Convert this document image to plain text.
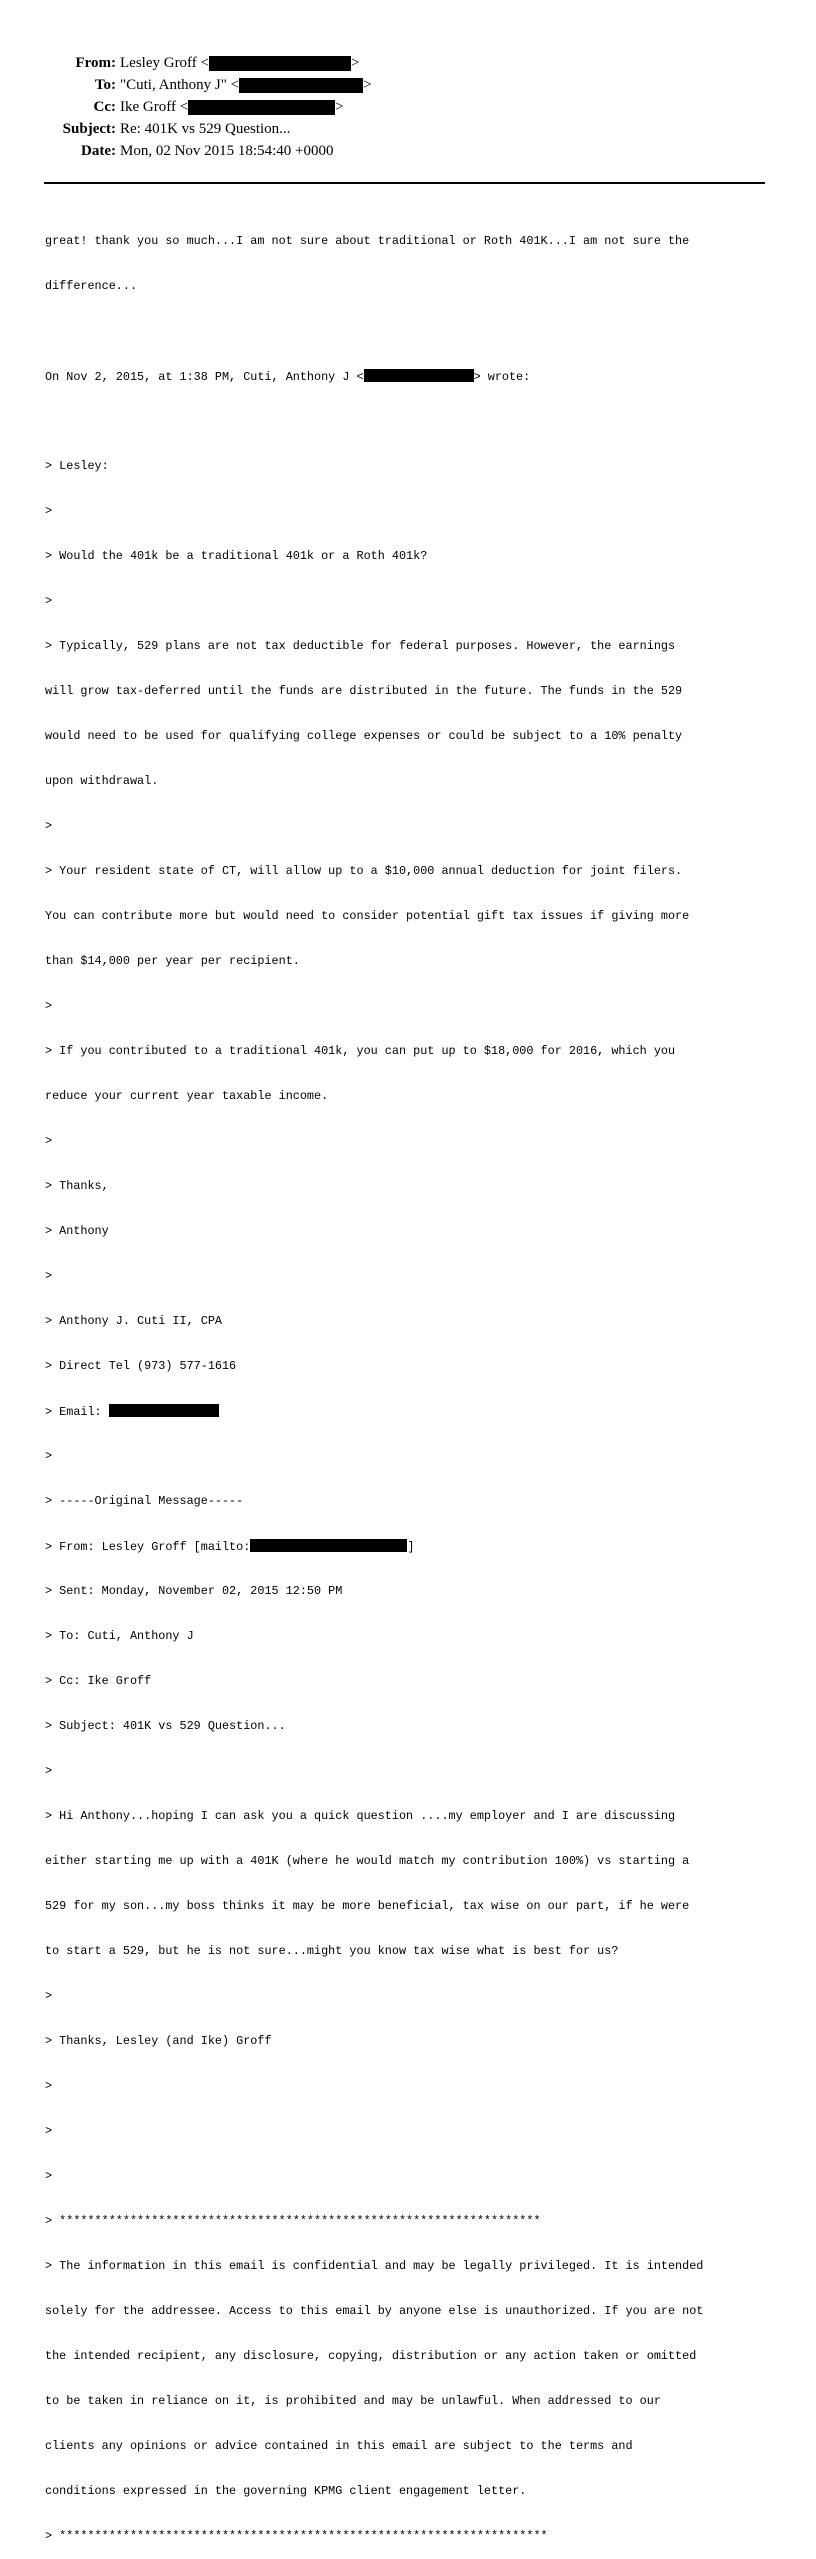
From: Lesley Groff <	>
To: "Cuti, Anthony J" <	>
Cc: Ike Groff <	>
Subject: Re: 401K vs 529 Question...
Date: Mon, 02 Nov 2015 18:54:40 +0000

great! thank you so much...I am not sure about traditional or Roth 401K...I am not sure the

difference...

On Nov 2, 2015, at 1:38 PM, Cuti, Anthony J <	> wrote:

> Lesley:

>

> Would the 401k be a traditional 401k or a Roth 401k?

>

> Typically, 529 plans are not tax deductible for federal purposes. However, the earnings

will grow tax-deferred until the funds are distributed in the future. The funds in the 529

would need to be used for qualifying college expenses or could be subject to a 10% penalty

upon withdrawal.

>

> Your resident state of CT, will allow up to a $10,000 annual deduction for joint filers.

You can contribute more but would need to consider potential gift tax issues if giving more

than $14,000 per year per recipient.

>

> If you contributed to a traditional 401k, you can put up to $18,000 for 2016, which you

reduce your current year taxable income.

>

> Thanks,

> Anthony

>

> Anthony J. Cuti II, CPA

> Direct Tel (973) 577-1616

> Email:

>

> -----Original Message-----

> From: Lesley Groff [mailto:	]

> Sent: Monday, November 02, 2015 12:50 PM

> To: Cuti, Anthony J

> Cc: Ike Groff

> Subject: 401K vs 529 Question...

>

> Hi Anthony...hoping I can ask you a quick question ....my employer and I are discussing

either starting me up with a 401K (where he would match my contribution 100%) vs starting a

529 for my son...my boss thinks it may be more beneficial, tax wise on our part, if he were

to start a 529, but he is not sure...might you know tax wise what is best for us?

>

> Thanks, Lesley (and Ike) Groff

>

>

>

> ********************************************************************

> The information in this email is confidential and may be legally privileged. It is intended

solely for the addressee. Access to this email by anyone else is unauthorized. If you are not

the intended recipient, any disclosure, copying, distribution or any action taken or omitted

to be taken in reliance on it, is prohibited and may be unlawful. When addressed to our

clients any opinions or advice contained in this email are subject to the terms and

conditions expressed in the governing KPMG client engagement letter.

> *********************************************************************
